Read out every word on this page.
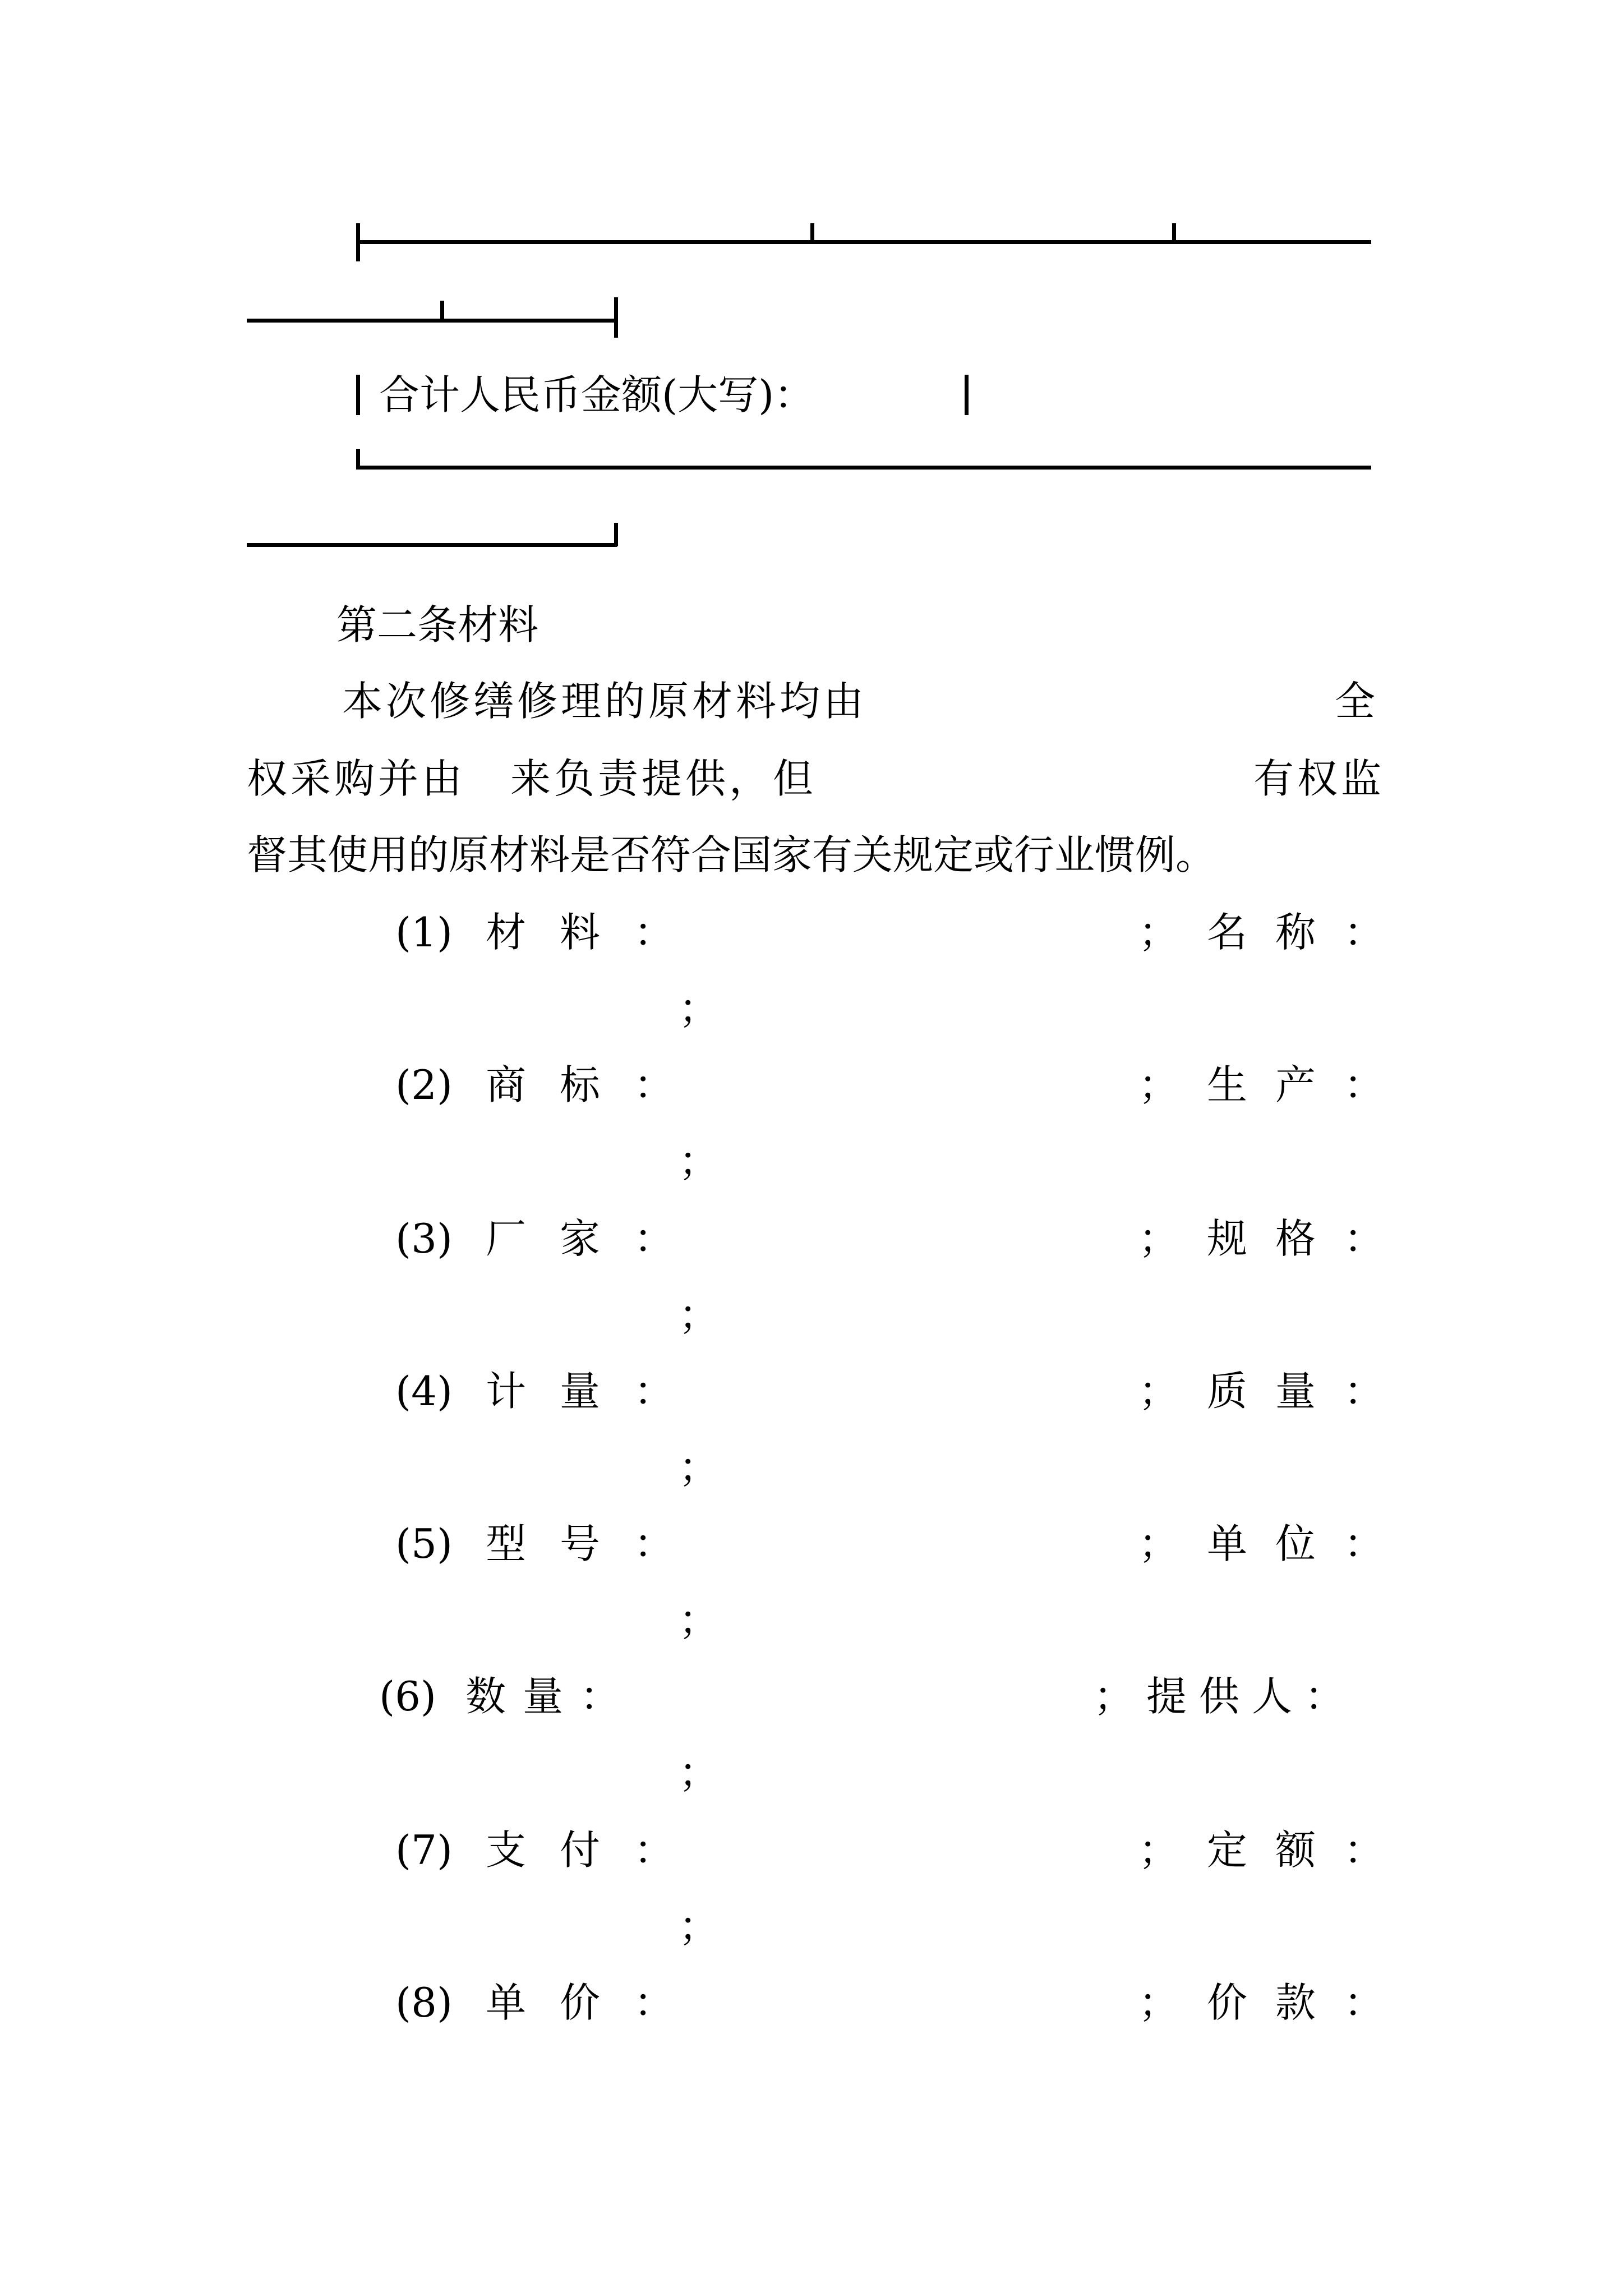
合计人民币金额(大写)：
第二条材料
本次修缮修理的原材料均由	全
权采购并由 来负责提供，但	有权监
督其使用的原材料是否符合国家有关规定或行业惯例。
(1) 材料：	；名称：
；
(2) 商标：	；生产：
；
(3) 厂家：	；规格：
；
(4) 计量：	；质量：
；
(5) 型号：	；单位：
；
(6) 数量：	；提供人：
；
(7) 支付：	；定额：
；
(8) 单价：	；价款：
